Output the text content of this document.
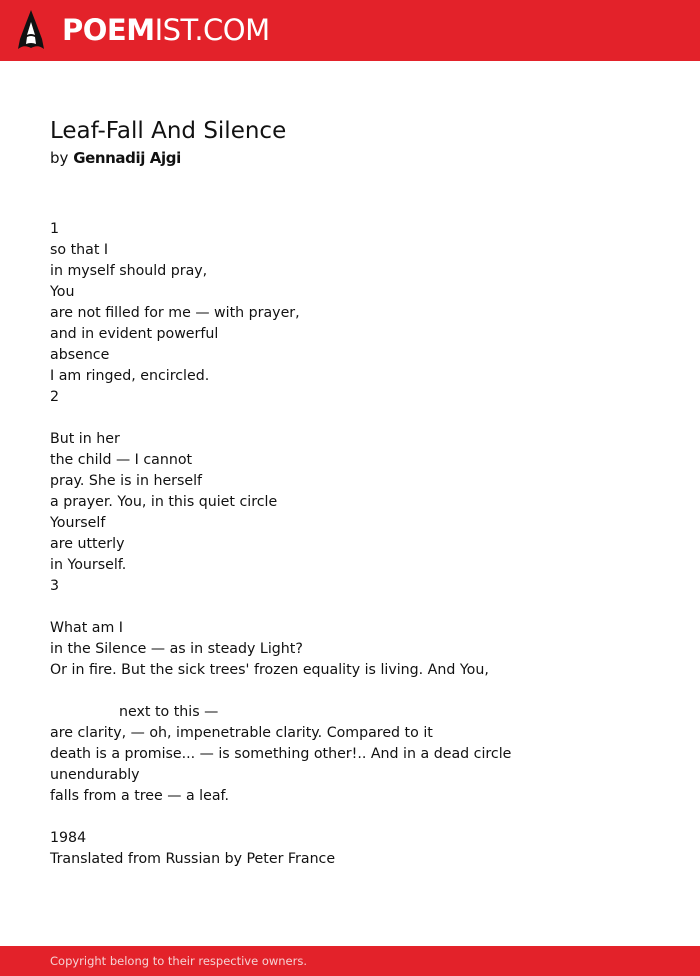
POEMIST.COM
Leaf-Fall And Silence
by Gennadij Ajgi
1
so that I
in myself should pray,
You
are not filled for me — with prayer,
and in evident powerful
absence
I am ringed, encircled.
2
But in her
the child — I cannot
pray. She is in herself
a prayer. You, in this quiet circle
Yourself
are utterly
in Yourself.
3
What am I
in the Silence — as in steady Light?
Or in fire. But the sick trees' frozen equality is living. And You,
next to this —
are clarity, — oh, impenetrable clarity. Compared to it
death is a promise... — is something other!.. And in a dead circle
unendurably
falls from a tree — a leaf.
1984
Translated from Russian by Peter France
Copyright belong to their respective owners.
